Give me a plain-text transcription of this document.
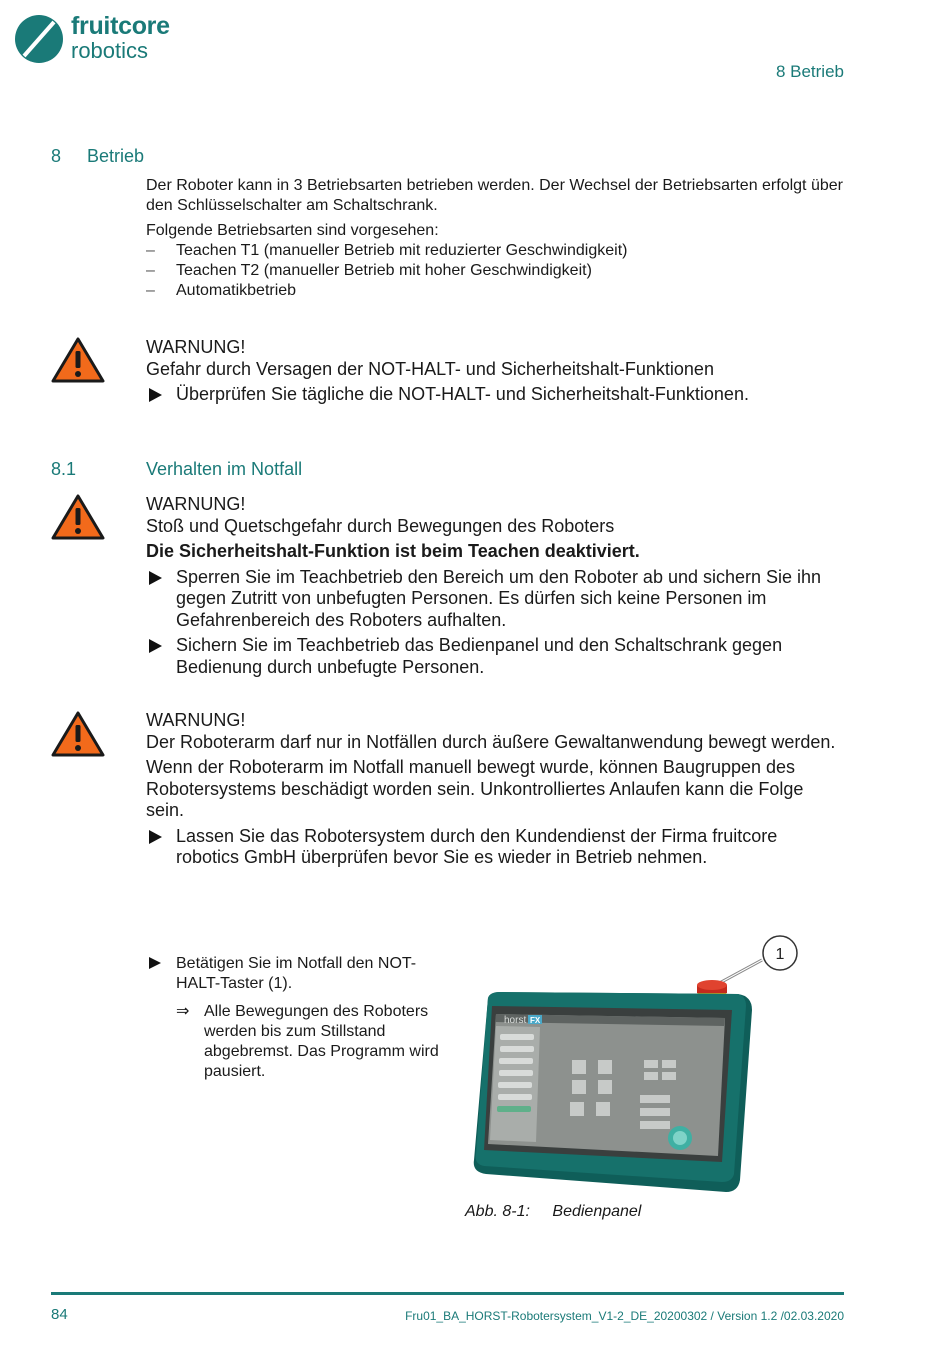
fruitcore
robotics
8 Betrieb
8 Betrieb
Der Roboter kann in 3 Betriebsarten betrieben werden. Der Wechsel der Betriebsarten erfolgt über den Schlüsselschalter am Schaltschrank.
Folgende Betriebsarten sind vorgesehen:
– Teachen T1 (manueller Betrieb mit reduzierter Geschwindigkeit)
– Teachen T2 (manueller Betrieb mit hoher Geschwindigkeit)
– Automatikbetrieb

WARNUNG!

Gefahr durch Versagen der NOT-HALT- und Sicherheitshalt-Funktionen

Überprüfen Sie tägliche die NOT-HALT- und Sicherheitshalt-Funktionen.
8.1	Verhalten im Notfall

WARNUNG!

Stoß und Quetschgefahr durch Bewegungen des Roboters

Die Sicherheitshalt-Funktion ist beim Teachen deaktiviert.

Sperren Sie im Teachbetrieb den Bereich um den Roboter ab und sichern Sie ihn gegen Zutritt von unbefugten Personen. Es dürfen sich keine Personen im Gefahrenbereich des Roboters aufhalten.
Sichern Sie im Teachbetrieb das Bedienpanel und den Schaltschrank gegen Bedienung durch unbefugte Personen.

WARNUNG!

Der Roboterarm darf nur in Notfällen durch äußere Gewaltanwendung bewegt werden.

Wenn der Roboterarm im Notfall manuell bewegt wurde, können Baugruppen des Robotersystems beschädigt worden sein. Unkontrolliertes Anlaufen kann die Folge sein.

Lassen Sie das Robotersystem durch den Kundendienst der Firma fruitcore robotics GmbH überprüfen bevor Sie es wieder in Betrieb nehmen.
Betätigen Sie im Notfall den NOT-HALT-Taster (1).
⇒ Alle Bewegungen des Roboters werden bis zum Stillstand abgebremst. Das Programm wird pausiert.
1
horst FX
Abb. 8-1: Bedienpanel
84	Fru01_BA_HORST-Robotersystem_V1-2_DE_20200302 / Version 1.2 /02.03.2020
